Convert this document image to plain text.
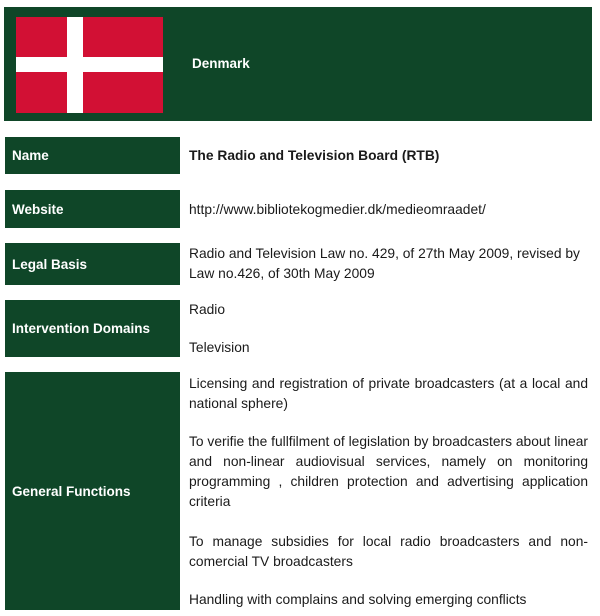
Denmark
Name	The Radio and Television Board (RTB)
Website	http://www.bibliotekogmedier.dk/medieomraadet/
Legal Basis
Radio and Television Law no. 429, of 27th May 2009, revised by Law no.426, of 30th May 2009
Intervention Domains
Radio
Television
General Functions
Licensing and registration of private broadcasters (at a local and national sphere)
To verifie the fullfilment of legislation by broadcasters about linear and non-linear audiovisual services, namely on monitoring programming , children protection and advertising application criteria
To manage subsidies for local radio broadcasters and non-comercial TV broadcasters
Handling with complains and solving emerging conflicts
